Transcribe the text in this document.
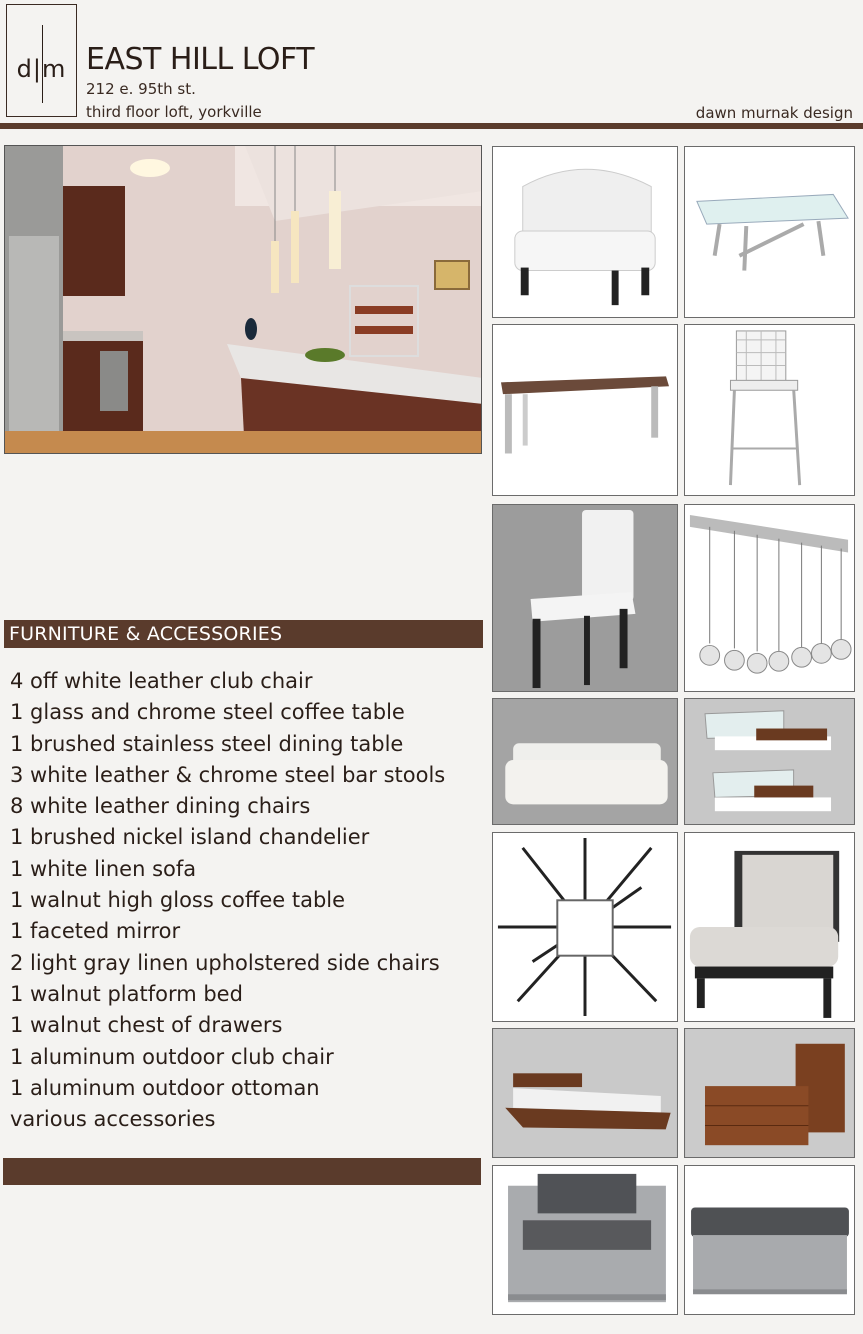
d|m EAST HILL LOFT
212 e. 95th st.
third floor loft, yorkville	dawn murnak design
FURNITURE & ACCESSORIES
4 off white leather club chair
1 glass and chrome steel coffee table
1 brushed stainless steel dining table
3 white leather & chrome steel bar stools
8 white leather dining chairs
1 brushed nickel island chandelier
1 white linen sofa
1 walnut high gloss coffee table
1 faceted mirror
2 light gray linen upholstered side chairs
1 walnut platform bed
1 walnut chest of drawers
1 aluminum outdoor club chair
1 aluminum outdoor ottoman
various accessories
